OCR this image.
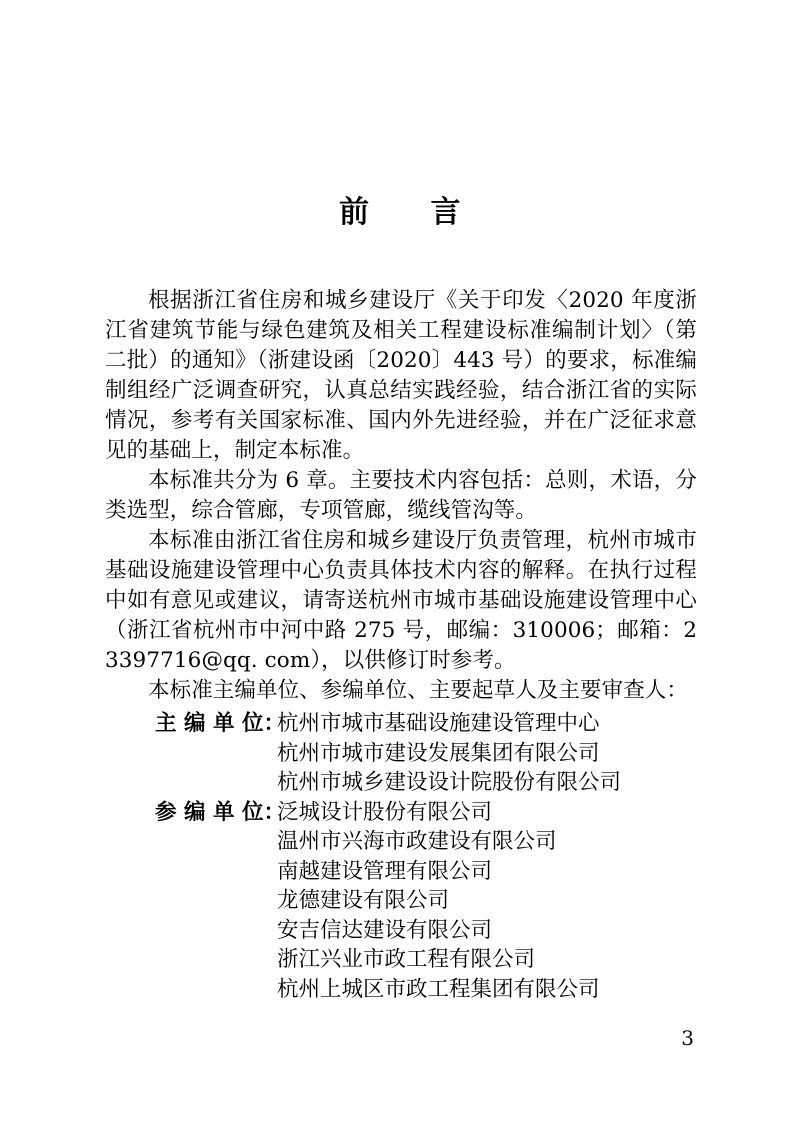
前　　言

根据浙江省住房和城乡建设厅《关于印发〈2020 年度浙江省建筑节能与绿色建筑及相关工程建设标准编制计划〉（第二批）的通知》（浙建设函〔2020〕443 号）的要求，标准编制组经广泛调查研究，认真总结实践经验，结合浙江省的实际情况，参考有关国家标准、国内外先进经验，并在广泛征求意见的基础上，制定本标准。

本标准共分为 6 章。主要技术内容包括：总则，术语，分类选型，综合管廊，专项管廊，缆线管沟等。

本标准由浙江省住房和城乡建设厅负责管理，杭州市城市基础设施建设管理中心负责具体技术内容的解释。在执行过程中如有意见或建议，请寄送杭州市城市基础设施建设管理中心（浙江省杭州市中河中路 275 号，邮编：310006；邮箱：23397716@qq. com），以供修订时参考。

本标准主编单位、参编单位、主要起草人及主要审查人：

主 编 单 位：
杭州市城市基础设施建设管理中心
杭州市城市建设发展集团有限公司
杭州市城乡建设设计院股份有限公司
参 编 单 位：
泛城设计股份有限公司
温州市兴海市政建设有限公司
南越建设管理有限公司
龙德建设有限公司
安吉信达建设有限公司
浙江兴业市政工程有限公司
杭州上城区市政工程集团有限公司
3
